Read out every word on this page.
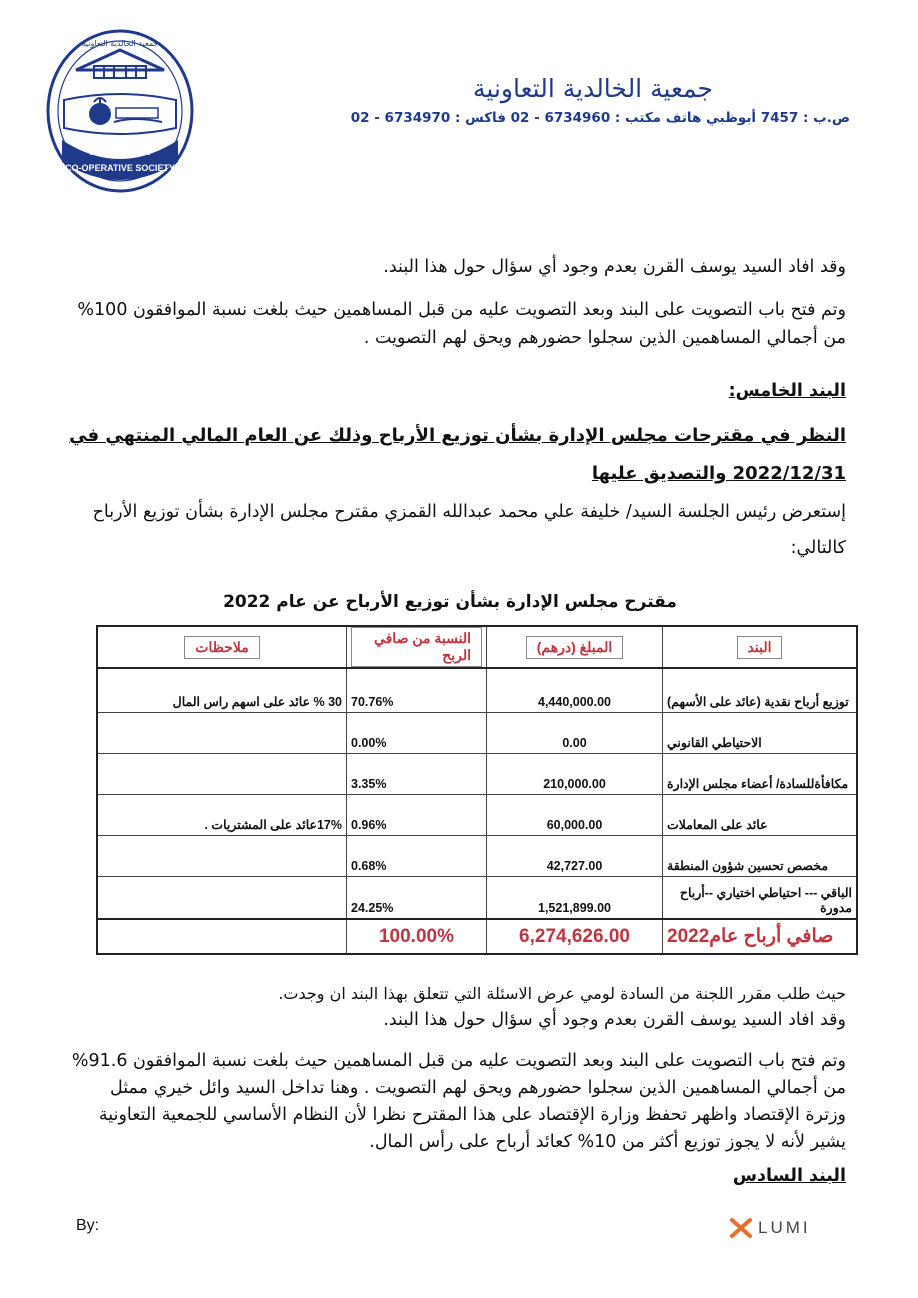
KHALIDIYAH
CO-OPERATIVE SOCIETY
جمعية الخالدية التعاونية
جمعية الخالدية التعاونية
ص.ب : 7457 أبوظبي هاتف مكتب : 6734960 - 02 فاكس : 6734970 - 02
وقد افاد السيد يوسف القرن بعدم وجود أي سؤال حول هذا البند.
وتم فتح باب التصويت على البند وبعد التصويت عليه من قبل المساهمين حيث بلغت نسبة الموافقون 100% من أجمالي المساهمين الذين سجلوا حضورهم ويحق لهم التصويت .
البند الخامس:
النظر في مقترحات مجلس الإدارة بشأن توزيع الأرباح وذلك عن العام المالي المنتهي في 2022/12/31 والتصديق عليها
إستعرض رئيس الجلسة السيد/ خليفة علي محمد عبدالله القمزي مقترح مجلس الإدارة بشأن توزيع الأرباح كالتالي:
مقترح مجلس الإدارة بشأن توزيع الأرباح عن عام 2022
البند
المبلغ (درهم)
النسبة من صافي الربح
ملاحظات
توزيع أرباح نقدية (عائد على الأسهم)
4,440,000.00
70.76%
30 % عائد على اسهم راس المال
الاحتياطي القانوني
0.00
0.00%
مكافأةللسادة/ أعضاء مجلس الإدارة
210,000.00
3.35%
عائد على المعاملات
60,000.00
0.96%
17%عائد على المشتريات .
مخصص تحسين شؤون المنطقة
42,727.00
0.68%
الباقي --- احتياطي اختياري --أرباح مدورة
1,521,899.00
24.25%
صافي أرباح عام2022
6,274,626.00
100.00%
حيث طلب مقرر اللجنة من السادة لومي عرض الاسئلة التي تتعلق بهذا البند ان وجدت.
وقد افاد السيد يوسف القرن بعدم وجود أي سؤال حول هذا البند.
وتم فتح باب التصويت على البند وبعد التصويت عليه من قبل المساهمين حيث بلغت نسبة الموافقون 91.6% من أجمالي المساهمين الذين سجلوا حضورهم ويحق لهم التصويت . وهنا تداخل السيد وائل خيري ممثل وزترة الإقتصاد واظهر تحفظ وزارة الإقتصاد على هذا المقترح نظرا لأن النظام الأساسي للجمعية التعاونية يشير لأنه لا يجوز توزيع أكثر من 10% كعائد أرباح على رأس المال.
البند السادس
By:	LUMI
